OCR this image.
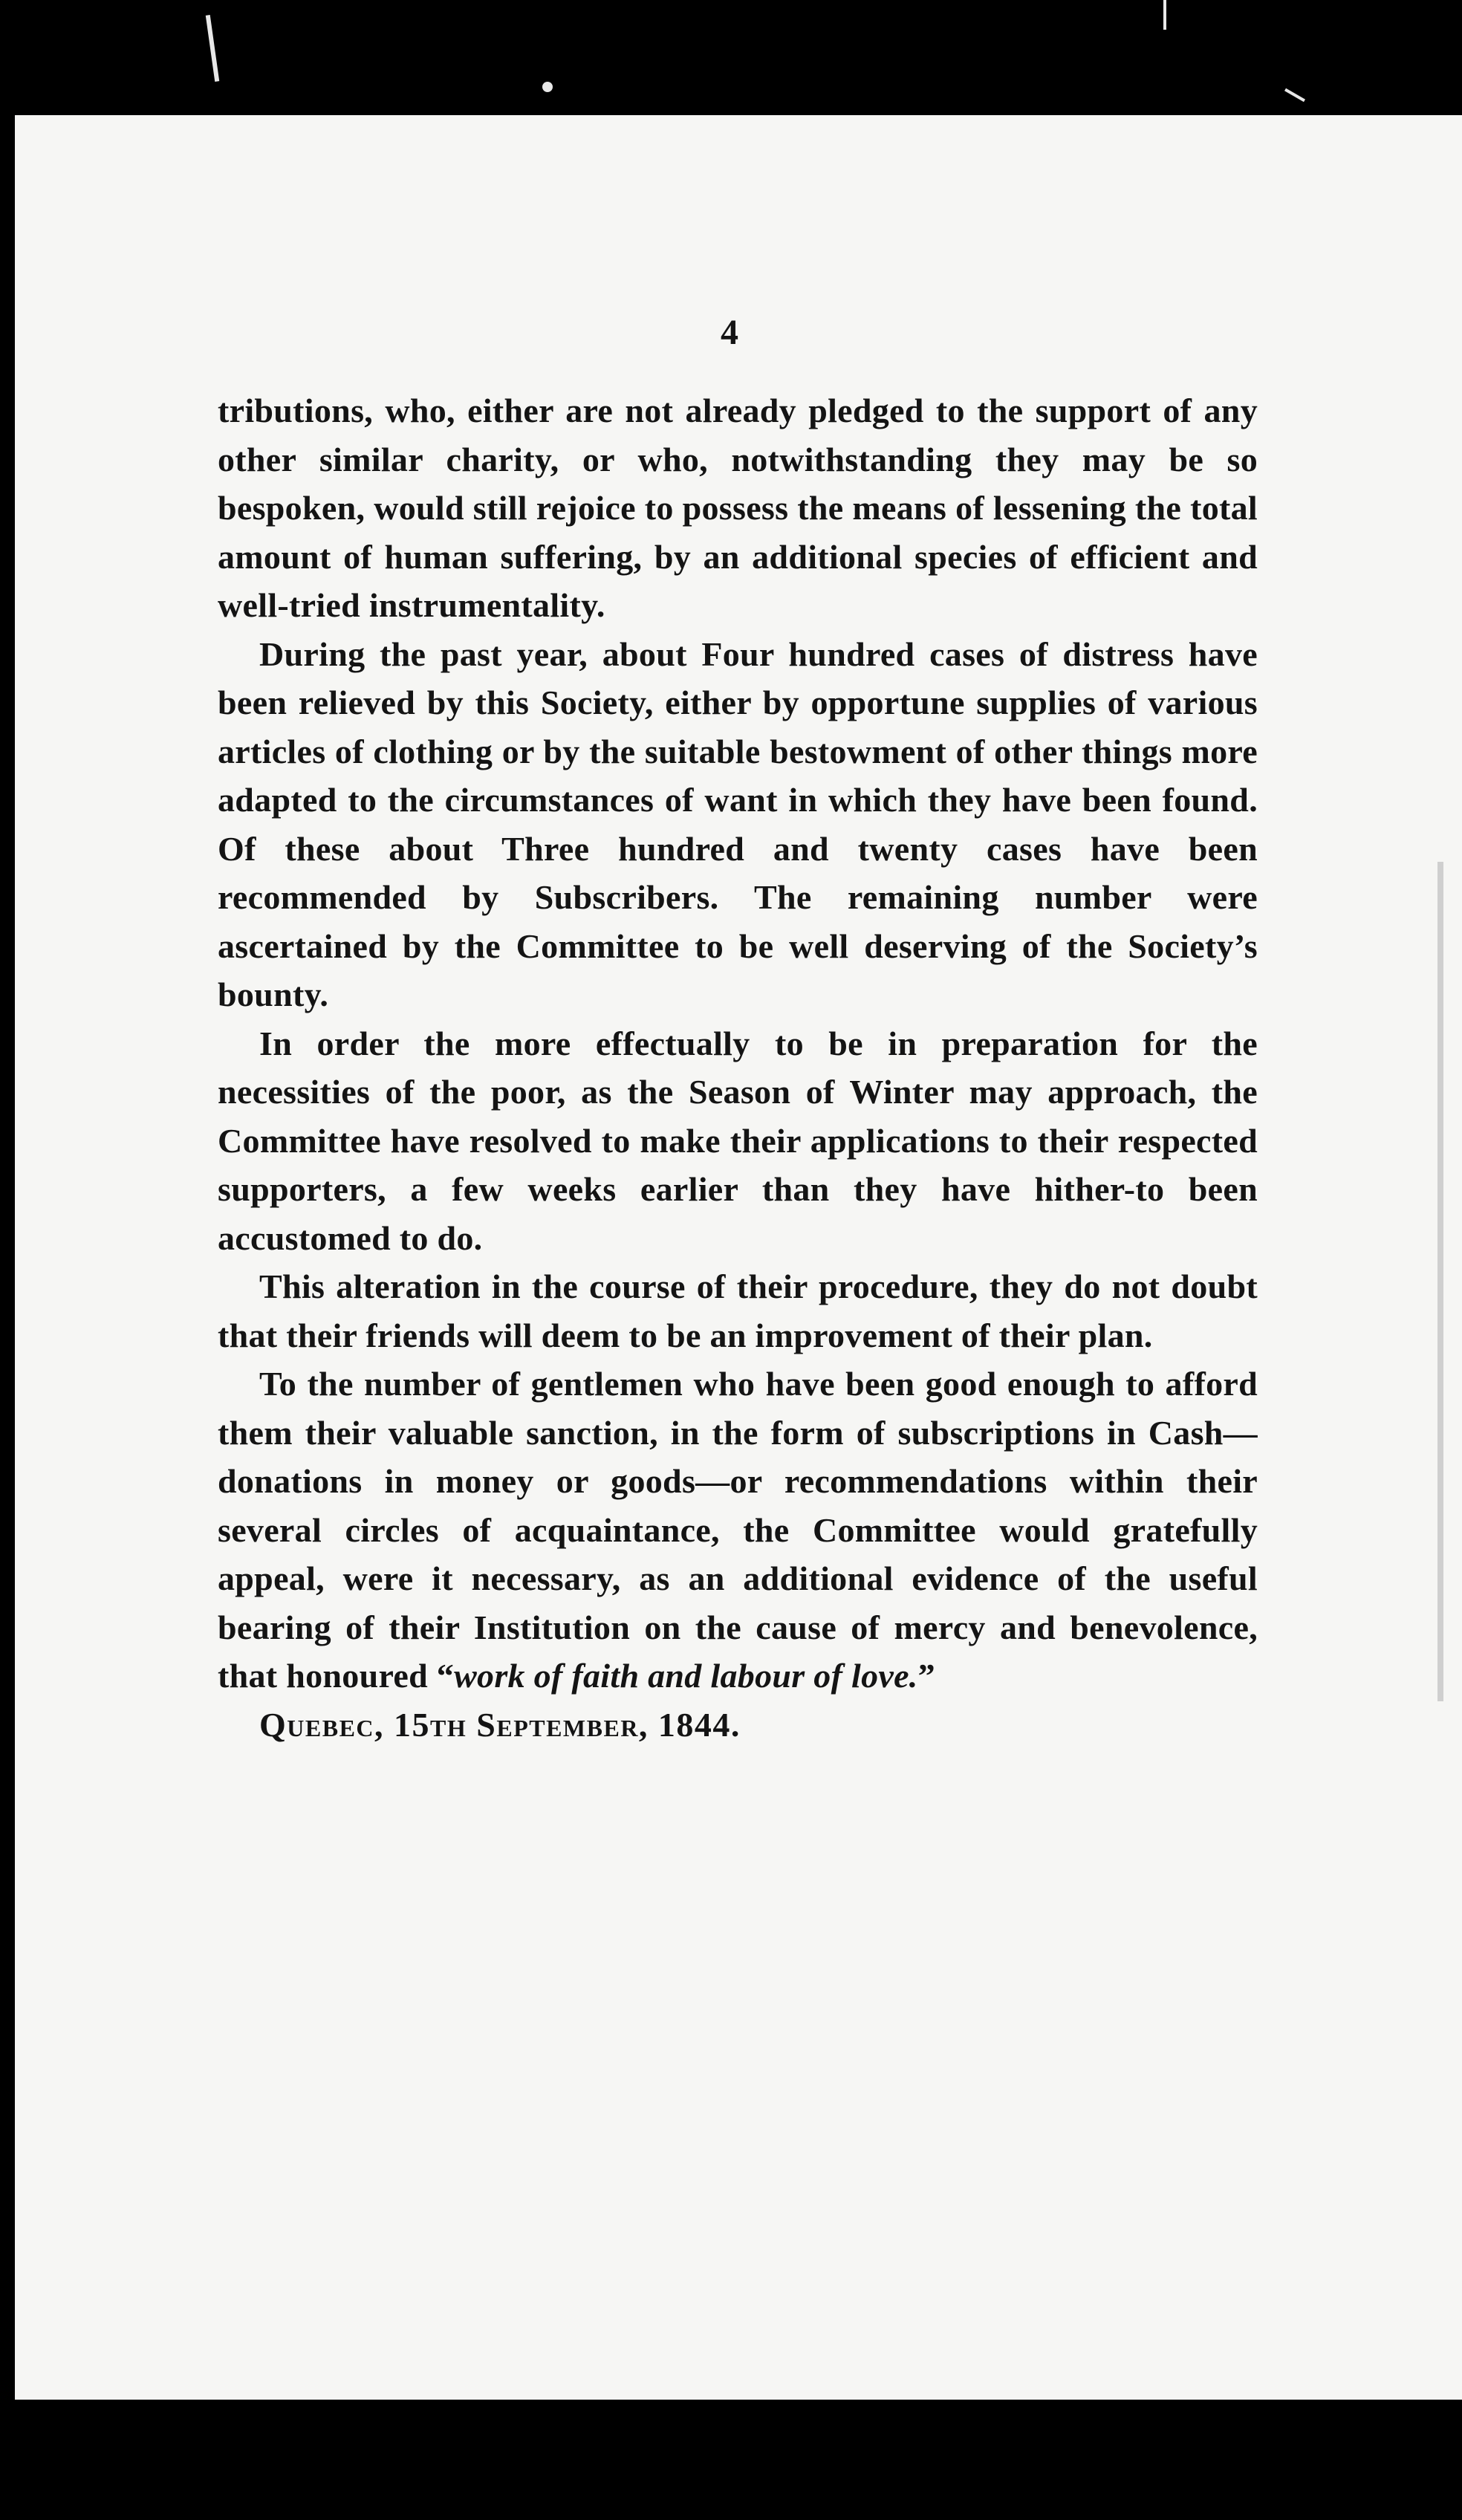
4

tributions, who, either are not already pledged to the support of any other similar charity, or who, notwithstanding they may be so bespoken, would still rejoice to possess the means of lessening the total amount of human suffering, by an additional species of efficient and well-tried instrumentality.

During the past year, about Four hundred cases of distress have been relieved by this Society, either by opportune supplies of various articles of clothing or by the suitable bestowment of other things more adapted to the circumstances of want in which they have been found. Of these about Three hundred and twenty cases have been recommended by Subscribers. The remaining number were ascertained by the Committee to be well deserving of the Society’s bounty.

In order the more effectually to be in preparation for the necessities of the poor, as the Season of Winter may approach, the Committee have resolved to make their applications to their respected supporters, a few weeks earlier than they have hither-to been accustomed to do.

This alteration in the course of their procedure, they do not doubt that their friends will deem to be an improvement of their plan.

To the number of gentlemen who have been good enough to afford them their valuable sanction, in the form of subscriptions in Cash—donations in money or goods—or recommendations within their several circles of acquaintance, the Committee would gratefully appeal, were it necessary, as an additional evidence of the useful bearing of their Institution on the cause of mercy and benevolence, that honoured “work of faith and labour of love.”

Quebec, 15th September, 1844.
